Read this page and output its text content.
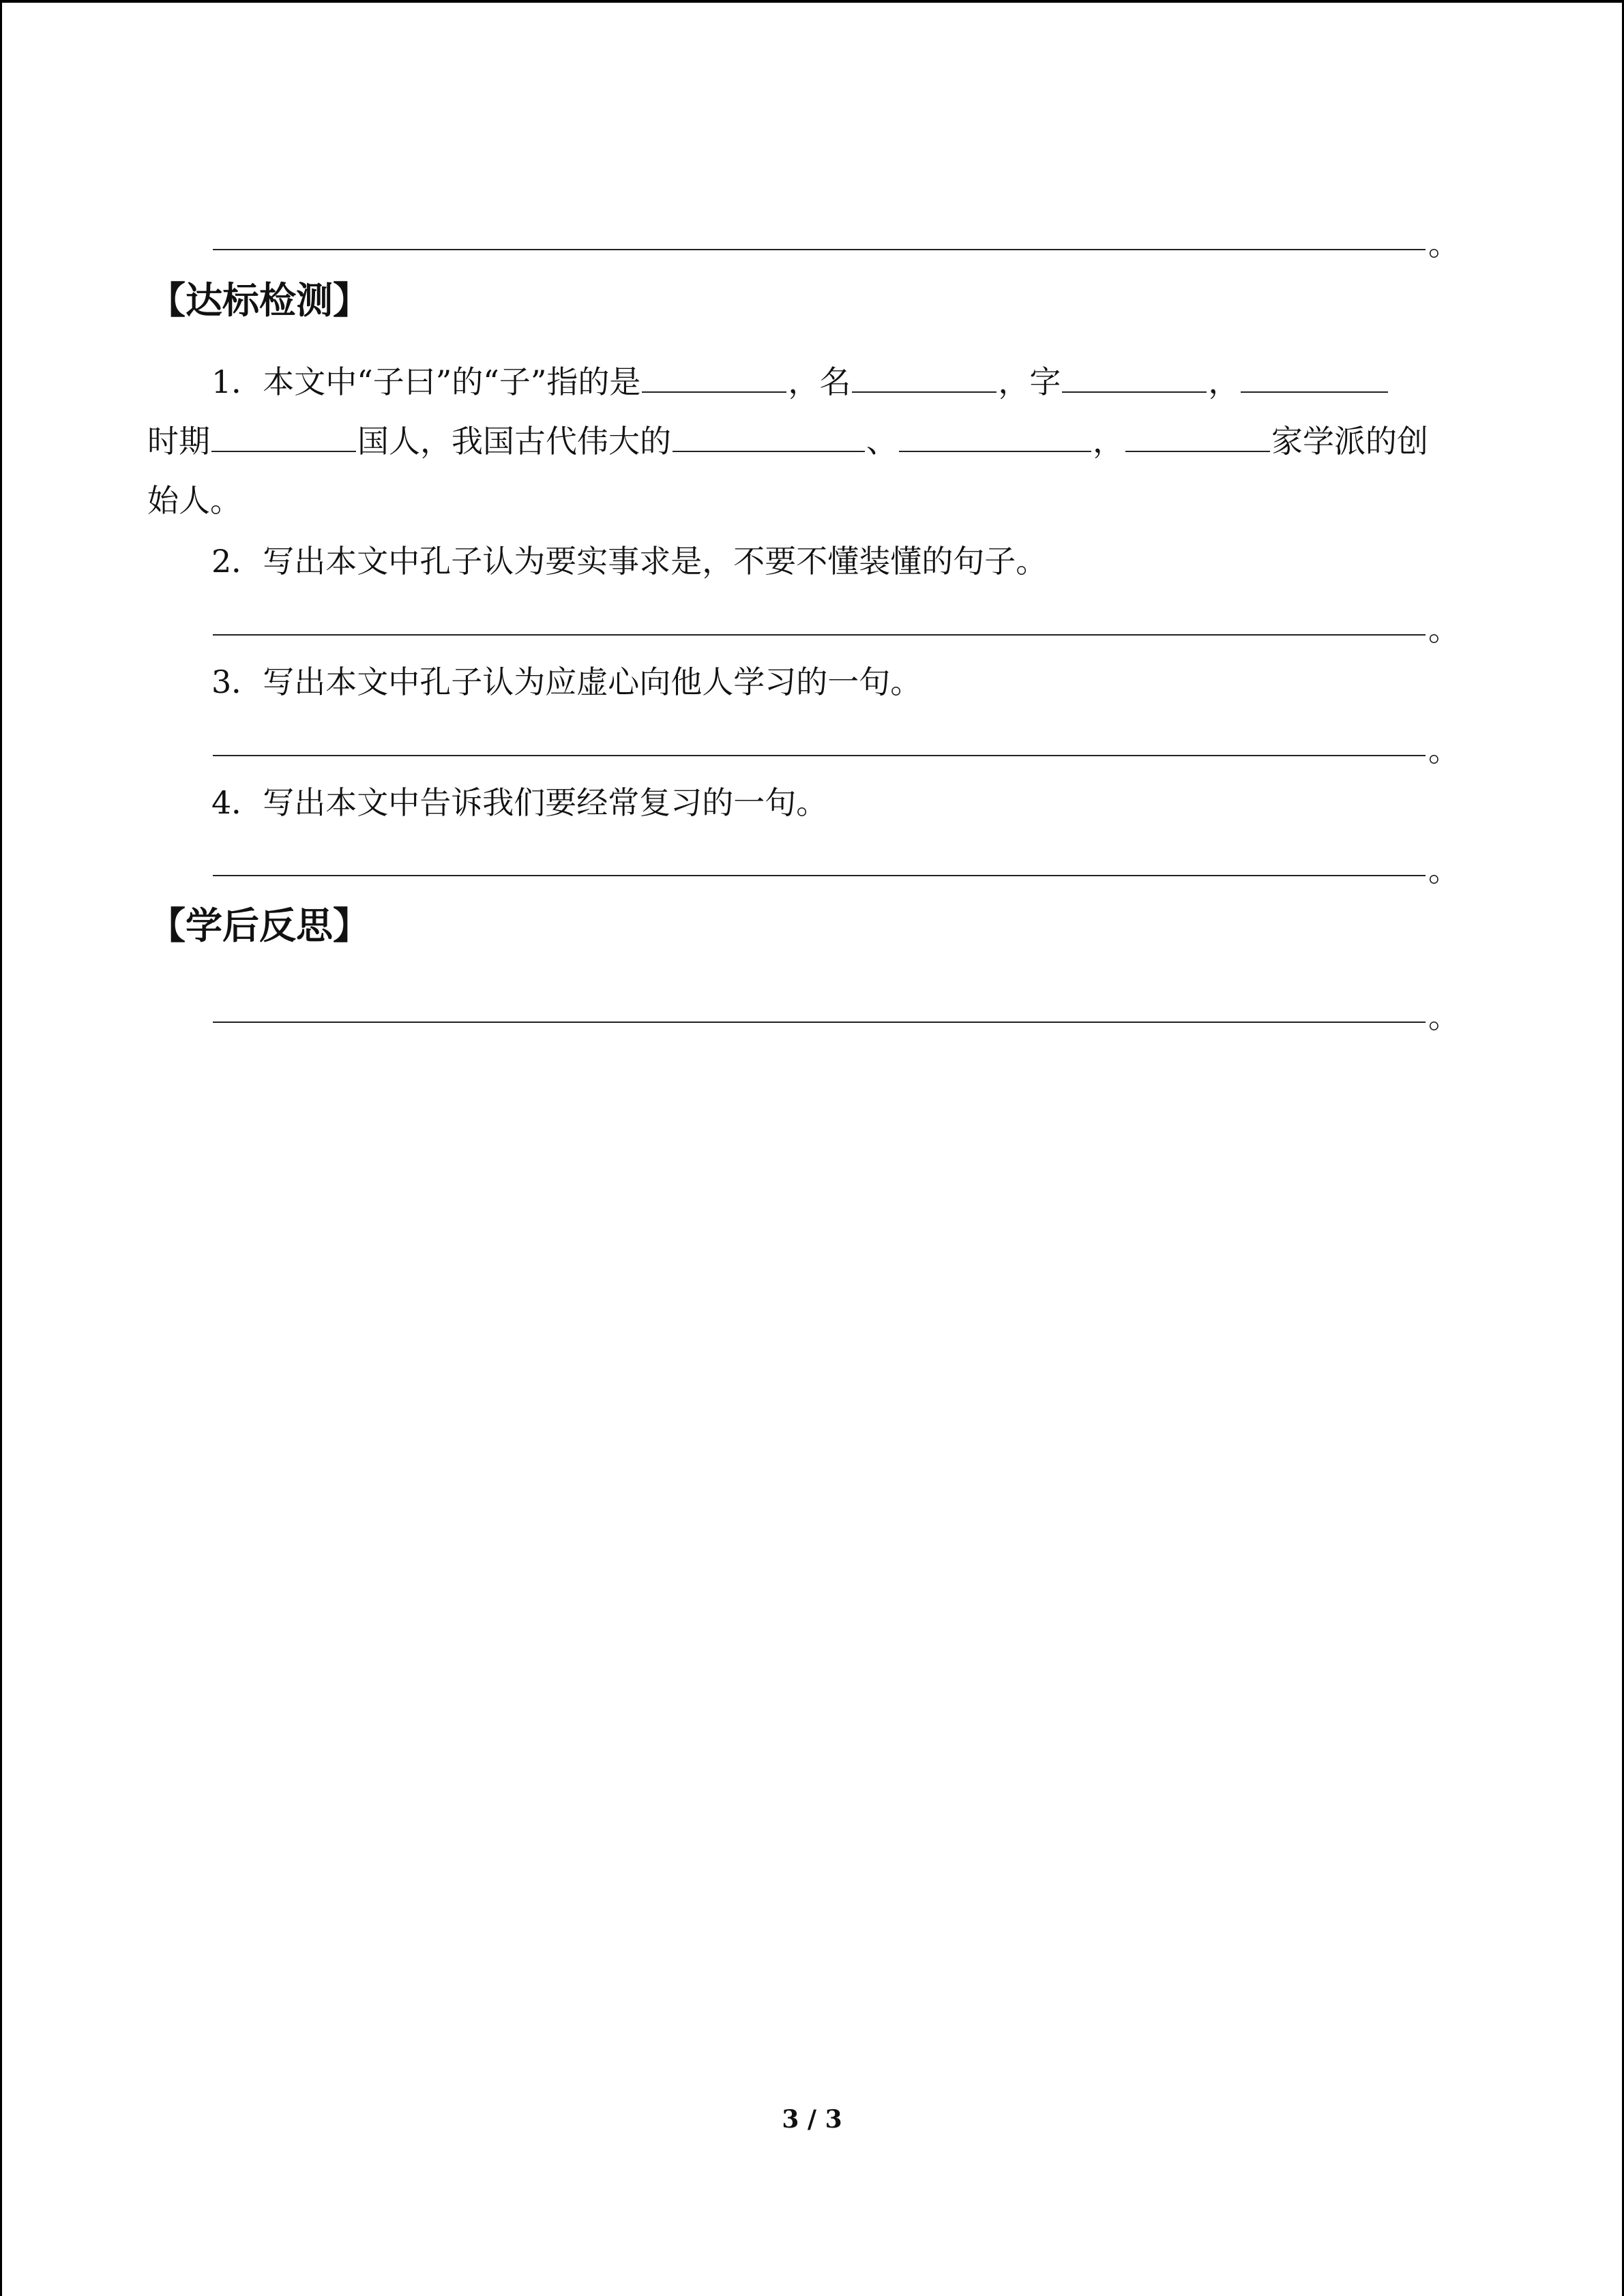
。
【达标检测】
1．本文中“子曰”的“子”指的是	，名	，字	，
时期	国人，我国古代伟大的	、	，	家学派的创
始人。
2．写出本文中孔子认为要实事求是，不要不懂装懂的句子。
。
3．写出本文中孔子认为应虚心向他人学习的一句。
。
4．写出本文中告诉我们要经常复习的一句。
。
【学后反思】
。
3 / 3
